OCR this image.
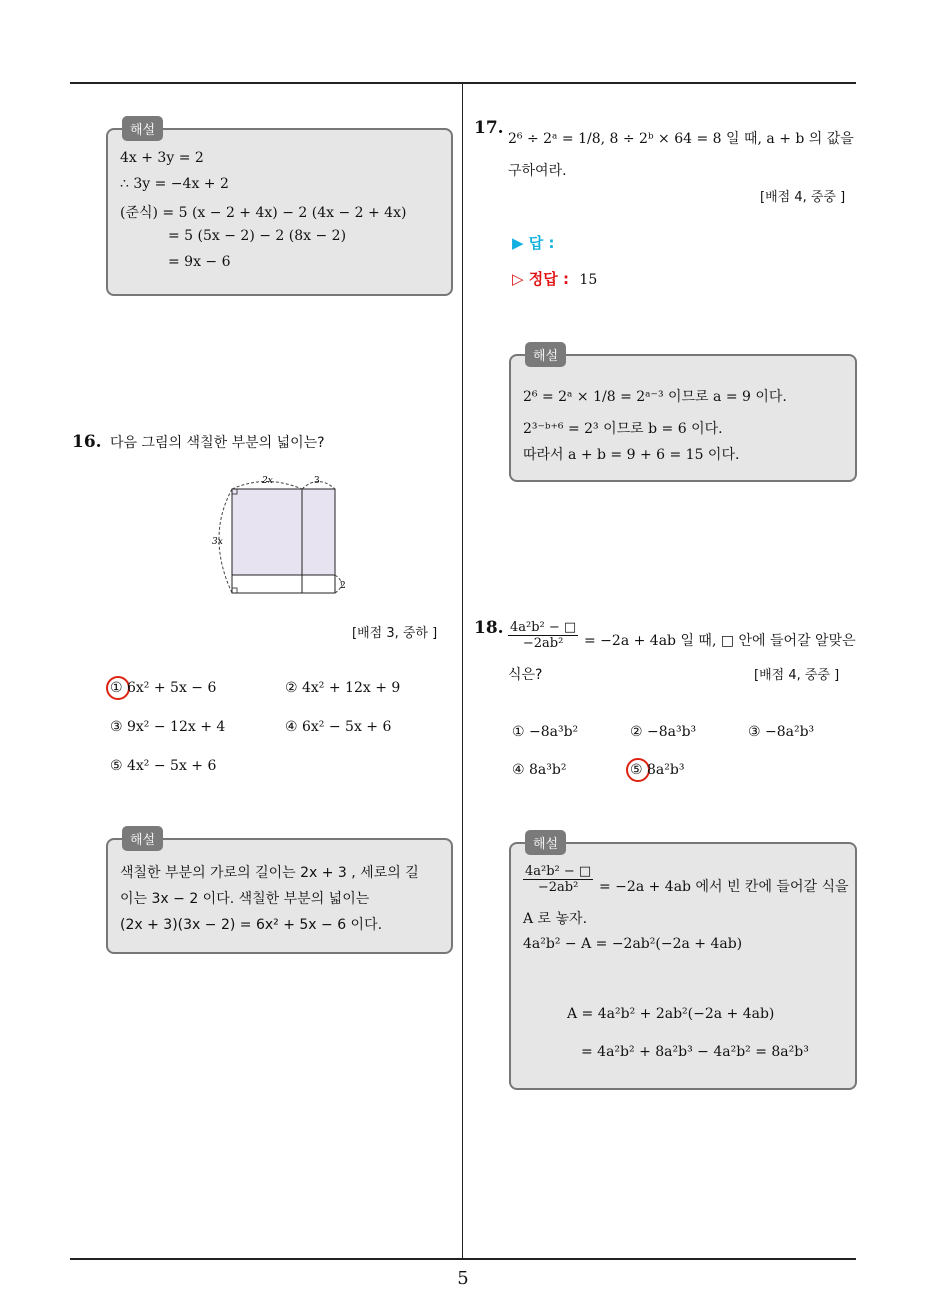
해설
4x + 3y = 2
∴ 3y = −4x + 2
(준식) = 5 (x − 2 + 4x) − 2 (4x − 2 + 4x)
= 5 (5x − 2) − 2 (8x − 2)
= 9x − 6
16. 다음 그림의 색칠한 부분의 넓이는?
2x	3
3x
2
[배점 3, 중하 ]
① 6x² + 5x − 6	② 4x² + 12x + 9
③ 9x² − 12x + 4	④ 6x² − 5x + 6
⑤ 4x² − 5x + 6
해설
색칠한 부분의 가로의 길이는 2x + 3 , 세로의 길
이는 3x − 2 이다. 색칠한 부분의 넓이는
(2x + 3)(3x − 2) = 6x² + 5x − 6 이다.
17.
2⁶ ÷ 2ᵃ = 1/8, 8 ÷ 2ᵇ × 64 = 8 일 때, a + b 의 값을
구하여라.
[배점 4, 중중 ]
▶ 답 :
▷ 정답 : 15
해설
2⁶ = 2ᵃ × 1/8 = 2ᵃ⁻³ 이므로 a = 9 이다.
2³⁻ᵇ⁺⁶ = 2³ 이므로 b = 6 이다.
따라서 a + b = 9 + 6 = 15 이다.
18. $\frac{\text{4a²b² − □}}{\text{−2ab²}} = -2a + 4ab$ 일 때, □ 안에 들어갈 알맞은
식은?	[배점 4, 중중 ]
① −8a³b²	② −8a³b³	③ −8a²b³
④ 8a³b²	⑤ 8a²b³
해설
$\frac{\text{4a²b² − □}}{\text{−2ab²}} = -2a + 4ab$ 에서 빈 칸에 들어갈 식을
A 로 놓자.
4a²b² − A = −2ab²(−2a + 4ab)
A = 4a²b² + 2ab²(−2a + 4ab)
= 4a²b² + 8a²b³ − 4a²b² = 8a²b³
5
